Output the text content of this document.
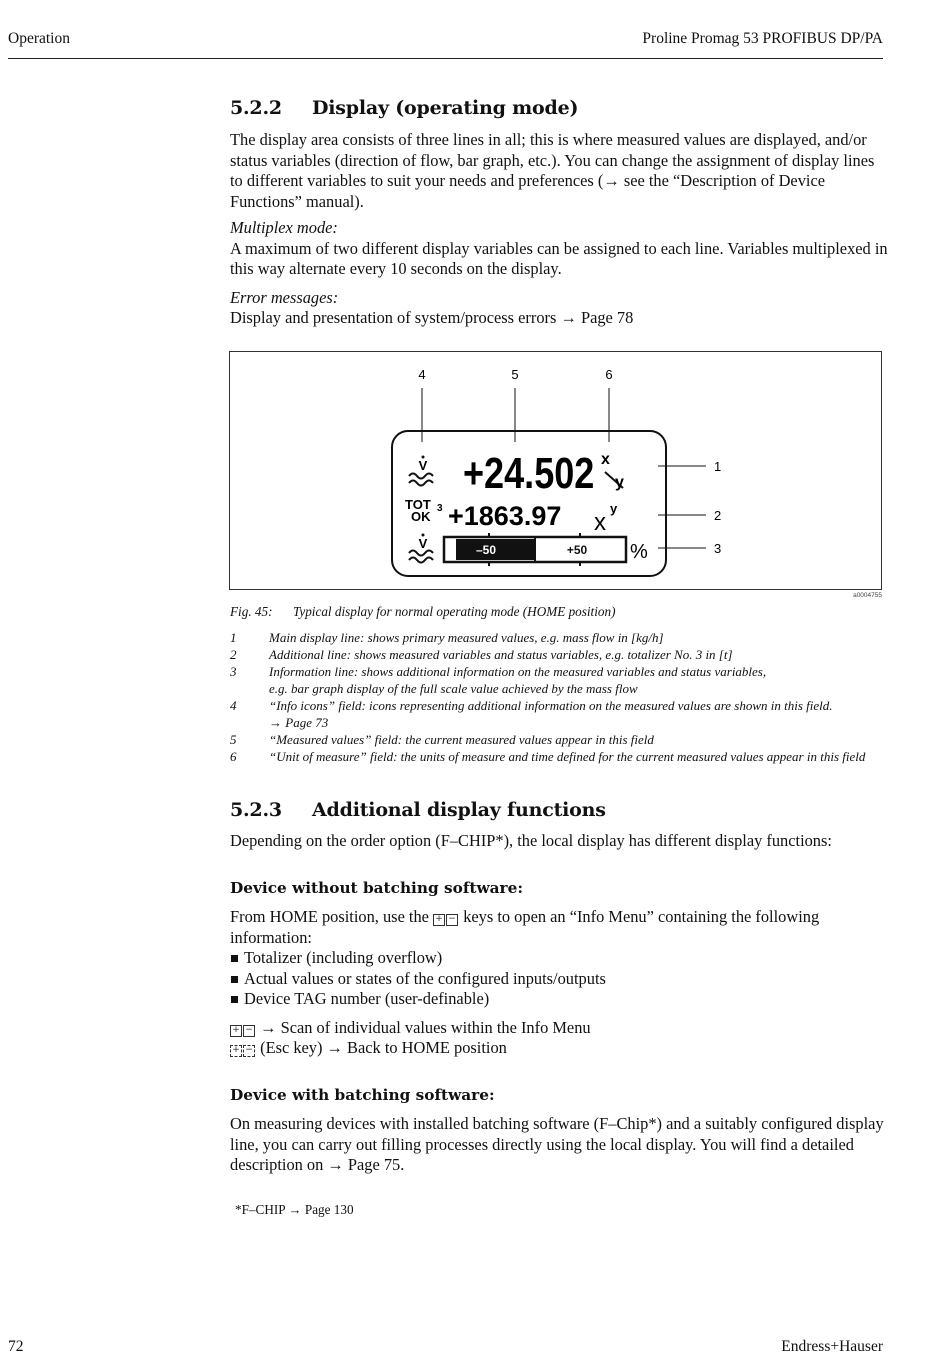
Operation	Proline Promag 53 PROFIBUS DP/PA
5.2.2 Display (operating mode)

The display area consists of three lines in all; this is where measured values are displayed, and/or status variables (direction of flow, bar graph, etc.). You can change the assignment of display lines to different variables to suit your needs and preferences (→ see the “Description of Device Functions” manual).

Multiplex mode:

A maximum of two different display variables can be assigned to each line. Variables multiplexed in this way alternate every 10 seconds on the display.

Error messages:

Display and presentation of system/process errors → Page 78

4	5	6
1
2
3
V +24.502 x
y
TOT 3
OK +1863.97 x
y
V	–50	+50 %
a0004755
Fig. 45: Typical display for normal operating mode (HOME position)
1	Main display line: shows primary measured values, e.g. mass flow in [kg/h]
2	Additional line: shows measured variables and status variables, e.g. totalizer No. 3 in [t]
3	Information line: shows additional information on the measured variables and status variables,
e.g. bar graph display of the full scale value achieved by the mass flow
4	“Info icons” field: icons representing additional information on the measured values are shown in this field.
→ Page 73
5	“Measured values” field: the current measured values appear in this field
6	“Unit of measure” field: the units of measure and time defined for the current measured values appear in this field
5.2.3 Additional display functions
Depending on the order option (F–CHIP*), the local display has different display functions:
Device without batching software:

From HOME position, use the + − keys to open an “Info Menu” containing the following information:

Totalizer (including overflow)
Actual values or states of the configured inputs/outputs
Device TAG number (user-definable)

+ − → Scan of individual values within the Info Menu

+ − (Esc key) → Back to HOME position

Device with batching software:
On measuring devices with installed batching software (F–Chip*) and a suitably configured display line, you can carry out filling processes directly using the local display. You will find a detailed description on → Page 75.
*F–CHIP → Page 130
72	Endress+Hauser
